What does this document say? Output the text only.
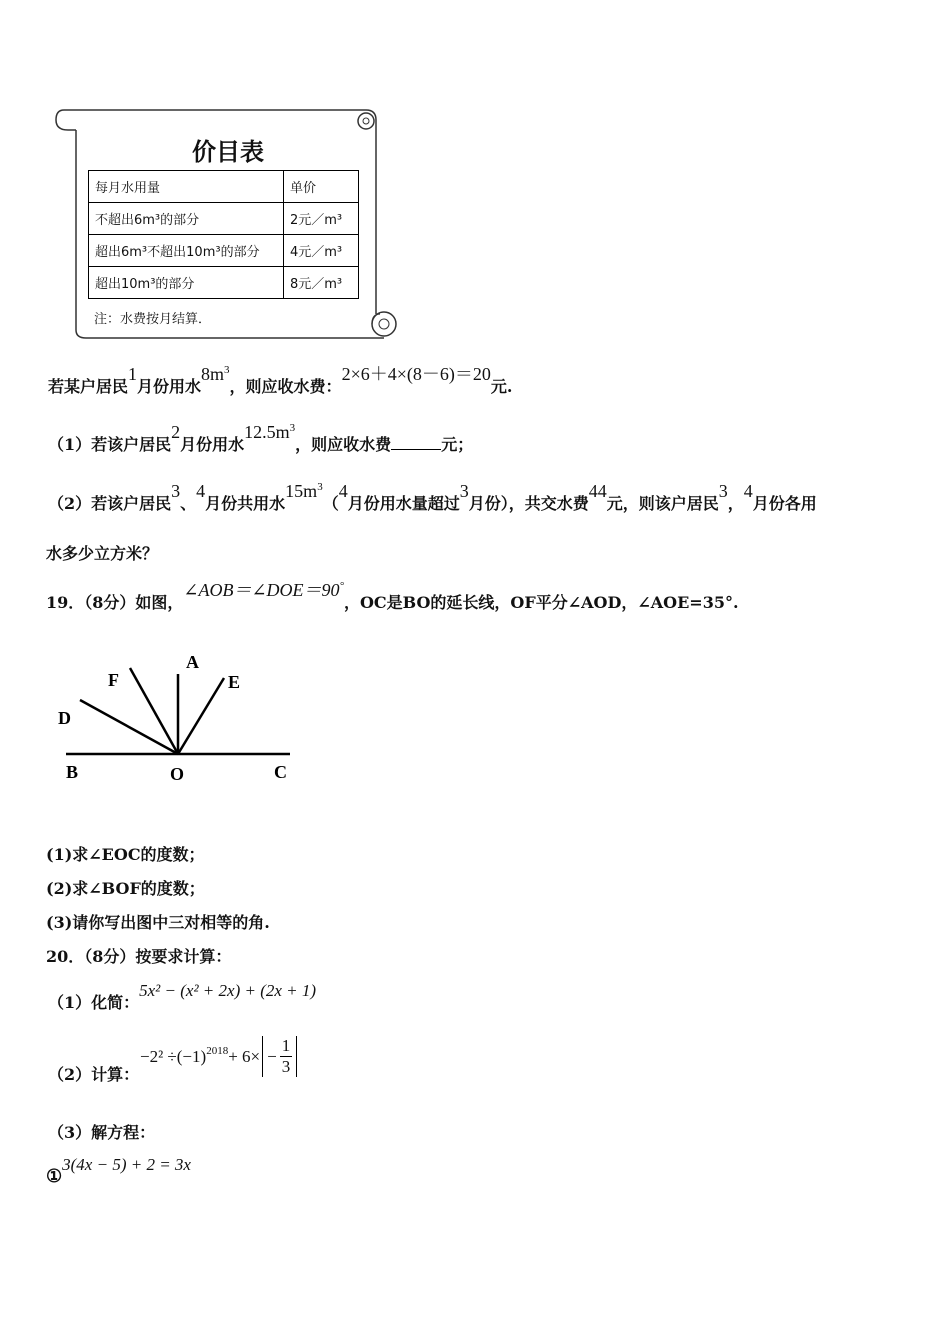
价目表
每月水用量	单价
不超出6m³的部分	2元／m³
超出6m³不超出10m³的部分	4元／m³
超出10m³的部分	8元／m³
注：水费按月结算．
若某户居民1月份用水$8m^3$，则应收水费：2×6＋4×(8－6)＝20元.
（1）若该户居民2月份用水$12.5m^3$，则应收水费	元；
（2）若该户居民3、4月份共用水$15m^3(4$月份用水量超过3月份），共交水费44元，则该户居民3，4月份各用
水多少立方米？
19．（8分）如图，∠AOB＝∠DOE＝90°，OC是BO的延长线，OF平分∠AOD，∠AOE=35°.
F
A
E
D
B	O	C
(1)求∠EOC的度数；
(2)求∠BOF的度数；
(3)请你写出图中三对相等的角.
20．（8分）按要求计算：
（1）化简：5x² − (x² + 2x) + (2x + 1)
（2）计算：
−2² ÷(−1) $2018 + 6\times - \frac{1}{3}$
（3）解方程：
①3(4x − 5) + 2 = 3x
